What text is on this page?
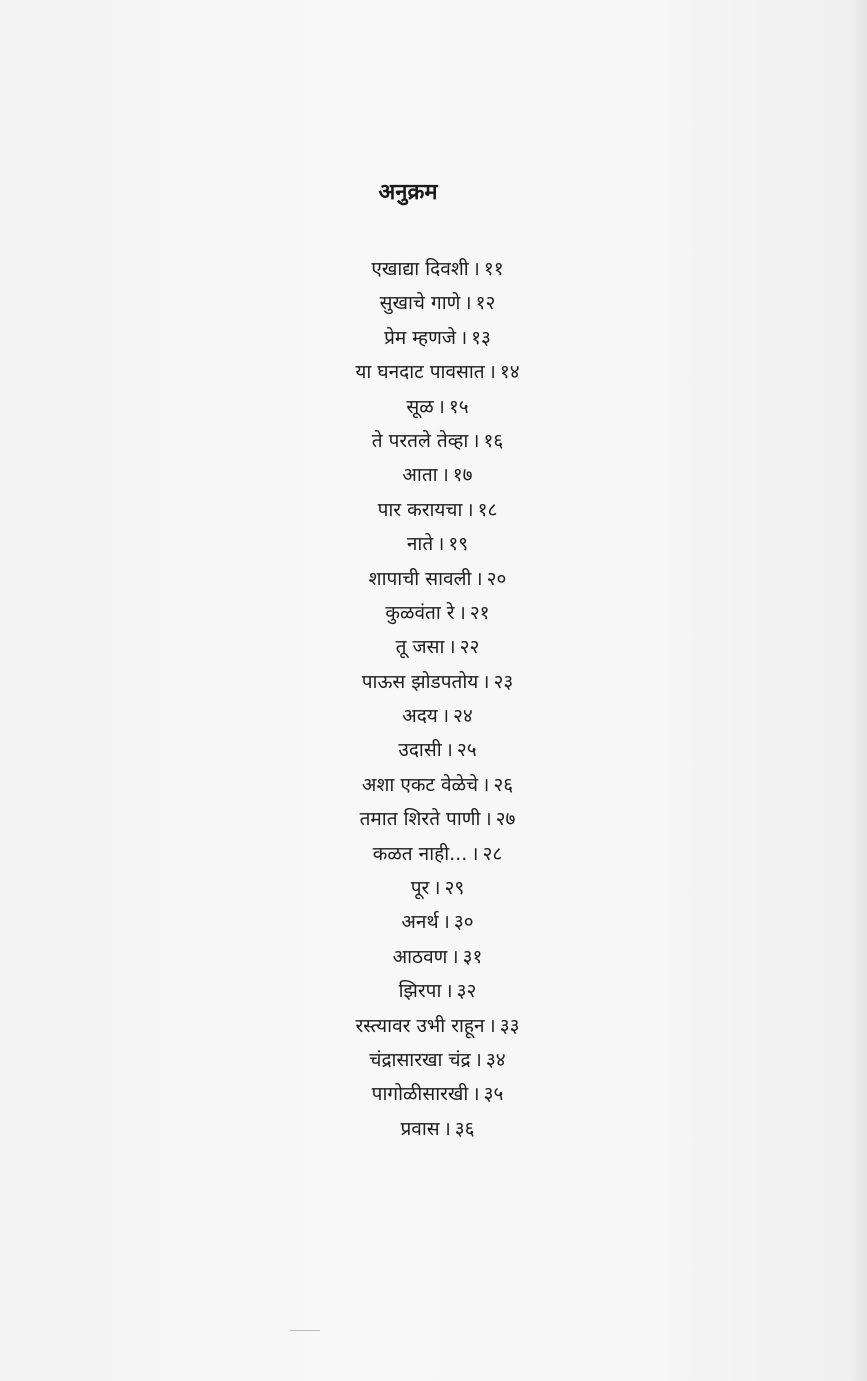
अनुक्रम
एखाद्या दिवशी । ११
सुखाचे गाणे । १२
प्रेम म्हणजे । १३
या घनदाट पावसात । १४
सूळ । १५
ते परतले तेव्हा । १६
आता । १७
पार करायचा । १८
नाते । १९
शापाची सावली । २०
कुळवंता रे । २१
तू जसा । २२
पाऊस झोडपतोय । २३
अदय । २४
उदासी । २५
अशा एकट वेळेचे । २६
तमात शिरते पाणी । २७
कळत नाही... । २८
पूर । २९
अनर्थ । ३०
आठवण । ३१
झिरपा । ३२
रस्त्यावर उभी राहून । ३३
चंद्रासारखा चंद्र । ३४
पागोळीसारखी । ३५
प्रवास । ३६
